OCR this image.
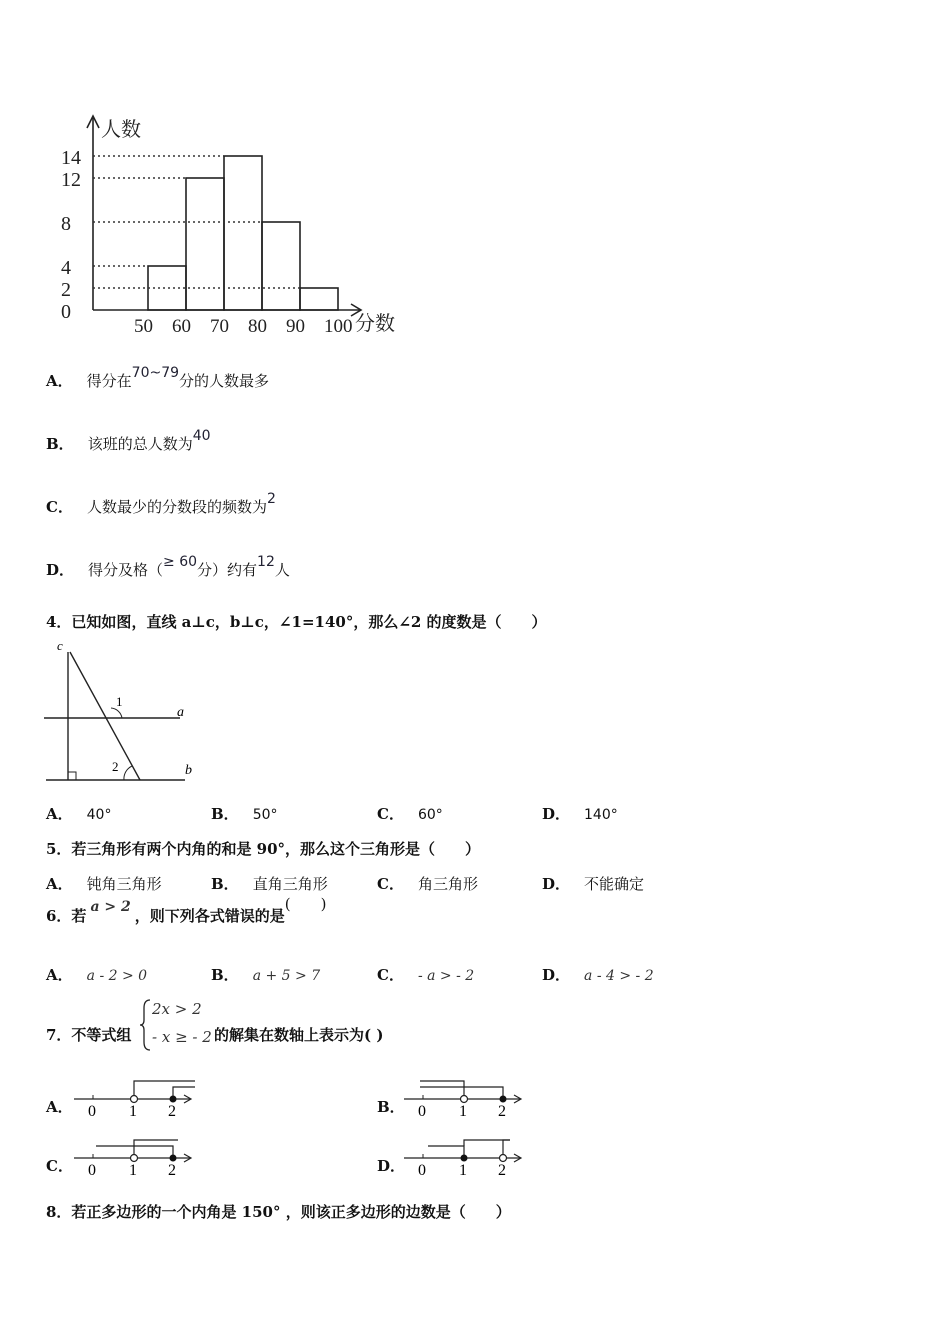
人数
14
12
8
4
2
0
50 60 70 80 90 100 分数
A． 得分在70~79分的人数最多
B． 该班的总人数为40
C． 人数最少的分数段的频数为2
D． 得分及格（≥ 60分）约有12人
4．已知如图，直线 a⊥c，b⊥c，∠1=140°，那么∠2 的度数是（　　）
c
a
b
1
2
A． 40°	B． 50°	C． 60°	D． 140°
5．若三角形有两个内角的和是 90°，那么这个三角形是（　　）
A． 钝角三角形	B． 直角三角形	C． 角三角形	D． 不能确定
6．若 a > 2 ，则下列各式错误的是(　　)
A． a - 2 > 0	B． a + 5 > 7	C． - a > - 2	D． a - 4 > - 2
7．不等式组
2x > 2
- x ≥ - 2 的解集在数轴上表示为( )
A．	B．
C．	D．
0 1 2	0 1 2
0 1 2	0 1 2
8．若正多边形的一个内角是 150° ，则该正多边形的边数是（　　）
